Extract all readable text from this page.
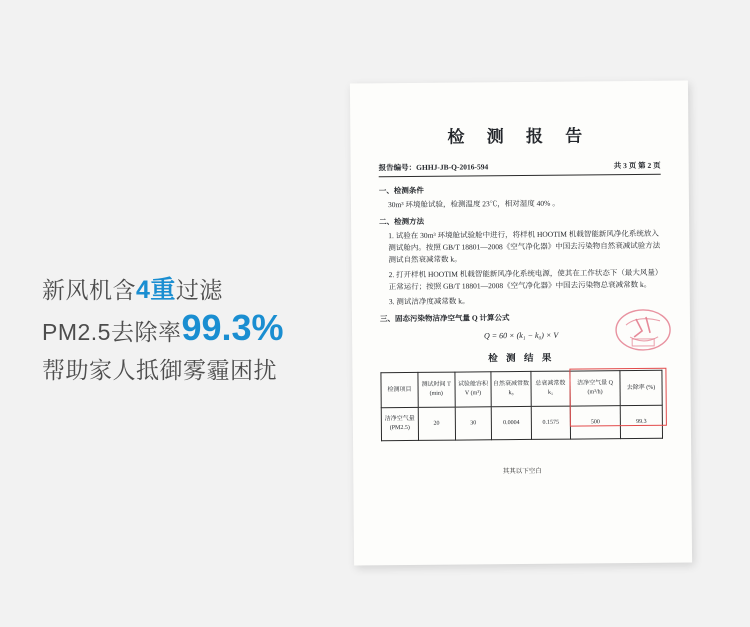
新风机含4重过滤
PM2.5去除率99.3%
帮助家人抵御雾霾困扰
检 测 报 告
报告编号：GHHJ-JB-Q-2016-594	共 3 页 第 2 页
一、检测条件
30m³ 环境舱试验，检测温度 23℃，相对湿度 40% 。
二、检测方法
1. 试验在 30m³ 环境舱试验舱中进行，将样机 HOOTIM 机载智能新风净化系统放入测试舱内。按照 GB/T 18801—2008《空气净化器》中国去污染物自然衰减试验方法测试自然衰减常数 k。
2. 打开样机 HOOTIM 机载智能新风净化系统电源，使其在工作状态下（最大风量）正常运行；按照 GB/T 18801—2008《空气净化器》中国去污染物总衰减常数 k。
3. 测试洁净度减常数 k。
三、固态污染物洁净空气量 Q 计算公式
Q = 60 × (k₁ − k₀) × V
检 测 结 果
检测项目	测试时间 T (min)	试验舱容积 V (m³)	自然衰减常数 k₀	总衰减常数 k₁	洁净空气量 Q (m³/h)	去除率 (%)
洁净空气量 (PM2.5)	20	30	0.0004	0.1575	500	99.3
其其以下空白
